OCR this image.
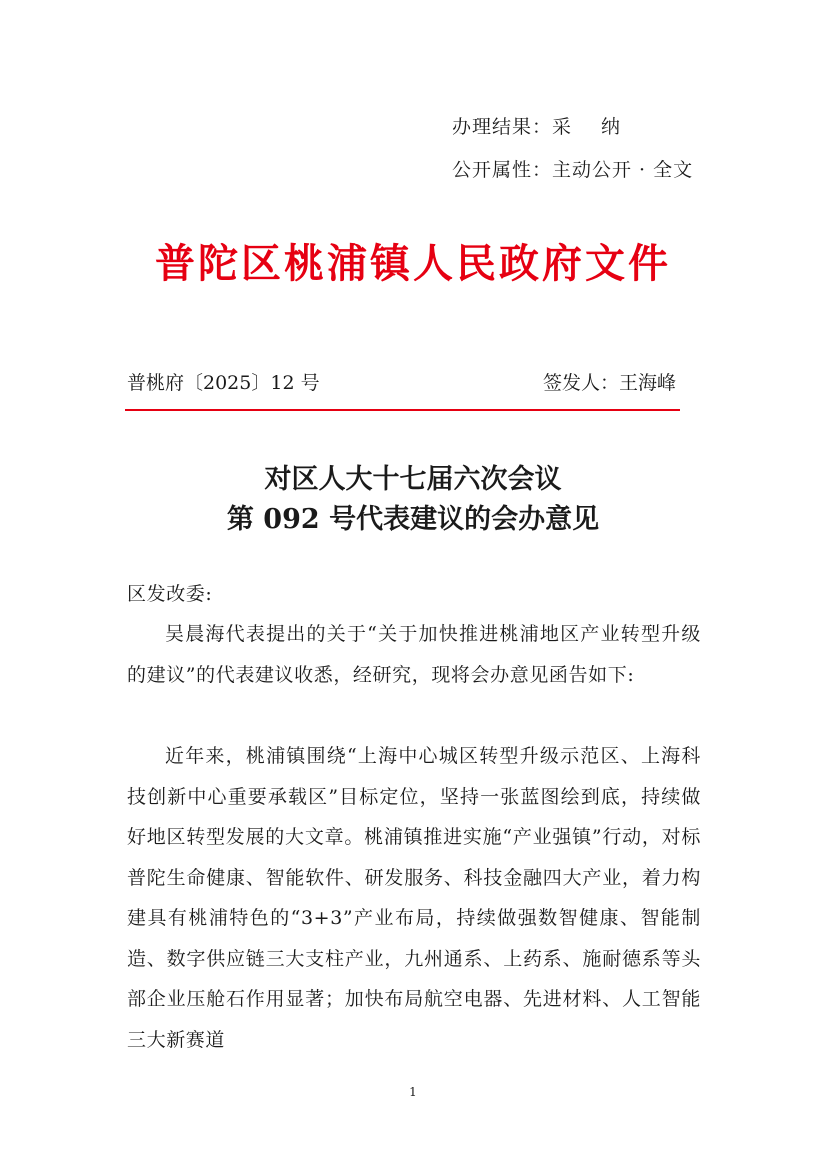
办理结果：采纳
公开属性：主动公开 · 全文
普陀区桃浦镇人民政府文件
普桃府〔2025〕12 号	签发人：王海峰
对区人大十七届六次会议
第 092 号代表建议的会办意见
区发改委:
吴晨海代表提出的关于“关于加快推进桃浦地区产业转型升级的建议”的代表建议收悉，经研究，现将会办意见函告如下:
近年来，桃浦镇围绕“上海中心城区转型升级示范区、上海科技创新中心重要承载区”目标定位，坚持一张蓝图绘到底，持续做好地区转型发展的大文章。桃浦镇推进实施“产业强镇”行动，对标普陀生命健康、智能软件、研发服务、科技金融四大产业，着力构建具有桃浦特色的“3+3”产业布局，持续做强数智健康、智能制造、数字供应链三大支柱产业，九州通系、上药系、施耐德系等头部企业压舱石作用显著；加快布局航空电器、先进材料、人工智能三大新赛道
1
